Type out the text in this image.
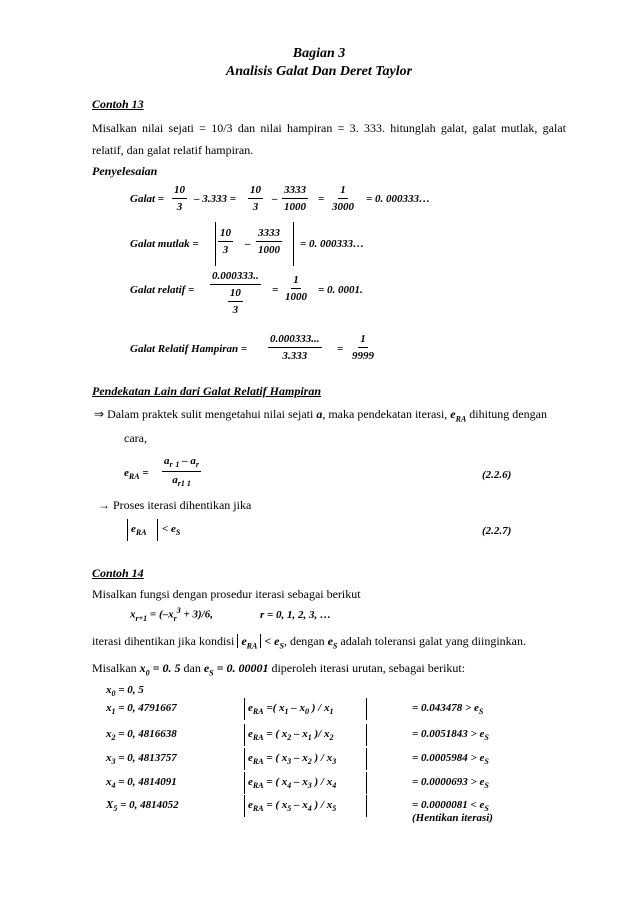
Bagian 3
Analisis Galat Dan Deret Taylor
Contoh 13
Misalkan nilai sejati = 10/3 dan nilai hampiran = 3. 333. hitunglah galat, galat mutlak, galat
relatif, dan galat relatif hampiran.
Penyelesaian
Galat = $\frac{10}{3} - 3.333 = \frac{10}{3} - \frac{3333}{1000} = \frac{1}{3000} = 0$. 000333…
Galat mutlak = $\frac{10}{3} - \frac{3333}{1000} = 0$. 000333…
Galat relatif = $\frac{0.000333..}{\frac{10}{3}} = \frac{1}{1000} = 0$. 0001.
Galat Relatif Hampiran = $\frac{0.000333...}{3.333} = \frac{1}{9999}$
Pendekatan Lain dari Galat Relatif Hampiran
⇒ Dalam praktek sulit mengetahui nilai sejati a, maka pendekatan iterasi, $e_{RA}$ dihitung dengan
cara,
$e_{RA} = \frac{a_r _1 - a_r}{a_{r1 1}}$	(2.2.6)
→ Proses iterasi dihentikan jika
$e_{RA} < e_S$	(2.2.7)
Contoh 14
Misalkan fungsi dengan prosedur iterasi sebagai berikut
$x_{r+1} = (-x_r^3 + 3)/6$,	r = 0, 1, 2, 3, …
iterasi dihentikan jika kondisi $e_{RA} < e_S$, dengan $e_S$ adalah toleransi galat yang diinginkan.
Misalkan $x_0 = 0$. 5 dan $e_S = 0$. 00001 diperoleh iterasi urutan, sebagai berikut:
$x_0 = 0$, 5
$x_1 = 0$, 4791667	$e_{RA}$ =( $x_1 - x_0$ ) / $x_1$	= $0.043478 > e_S$
$x_2 = 0$, 4816638	$e_{RA}$ = ( $x_2 - x_1$ )/ $x_2$	= $0.0051843 > e_S$
$x_3 = 0$, 4813757	$e_{RA}$ = ( $x_3 - x_2$ ) / $x_3$	= $0.0005984 > e_S$
$x_4 = 0$, 4814091	$e_{RA}$ = ( $x_4 - x_3$ ) / $x_4$	= $0.0000693 > e_S$
$X_5 = 0$, 4814052	$e_{RA}$ = ( $x_5 - x_4$ ) / $x_5$	= $0.0000081 < e_S$
(Hentikan iterasi)
